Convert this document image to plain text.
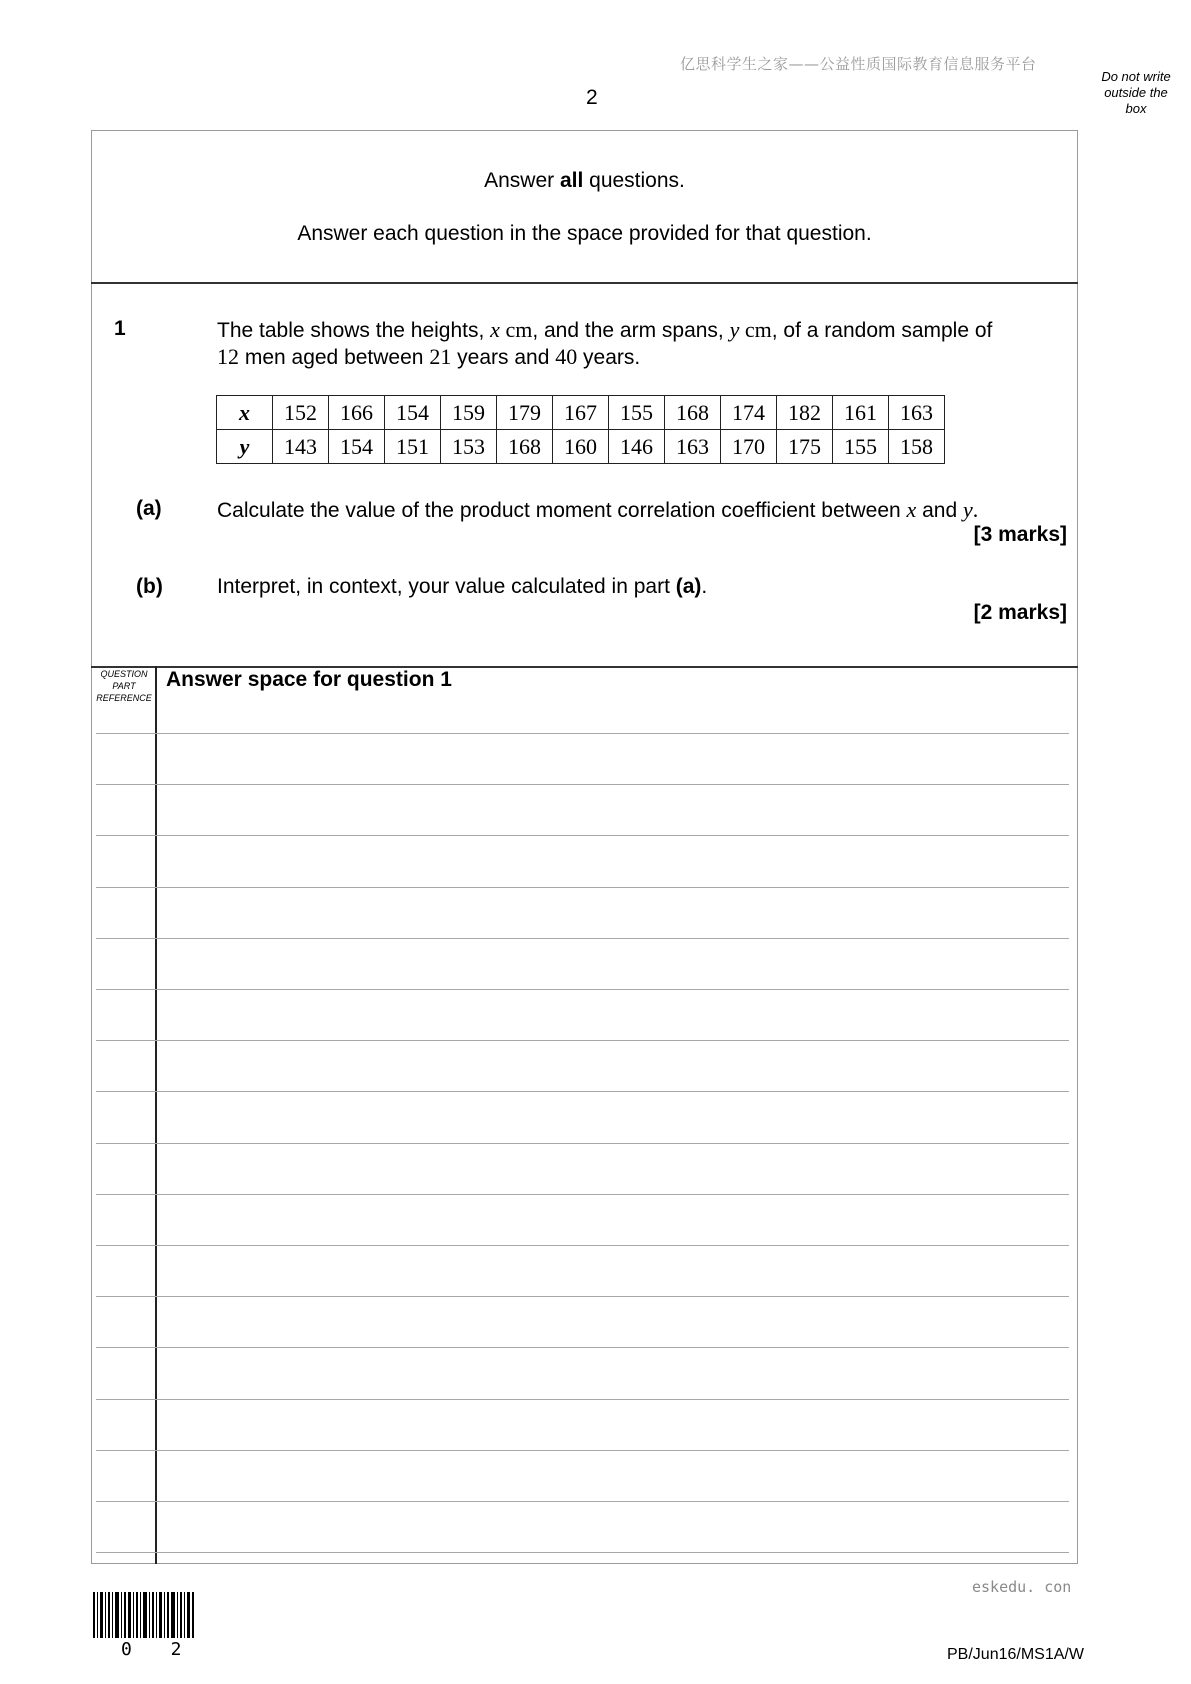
亿思科学生之家——公益性质国际教育信息服务平台
2
Do not write
outside the
box
Answer all questions.
Answer each question in the space provided for that question.
1	The table shows the heights, x cm, and the arm spans, y cm, of a random sample of
12 men aged between 21 years and 40 years.
x	152	166	154	159	179	167	155	168	174	182	161	163
y	143	154	151	153	168	160	146	163	170	175	155	158
(a)	Calculate the value of the product moment correlation coefficient between x and y.
[3 marks]
(b)	Interpret, in context, your value calculated in part (a).
[2 marks]
QUESTION
PART
REFERENCE
Answer space for question 1
eskedu. con
0 2	PB/Jun16/MS1A/W
